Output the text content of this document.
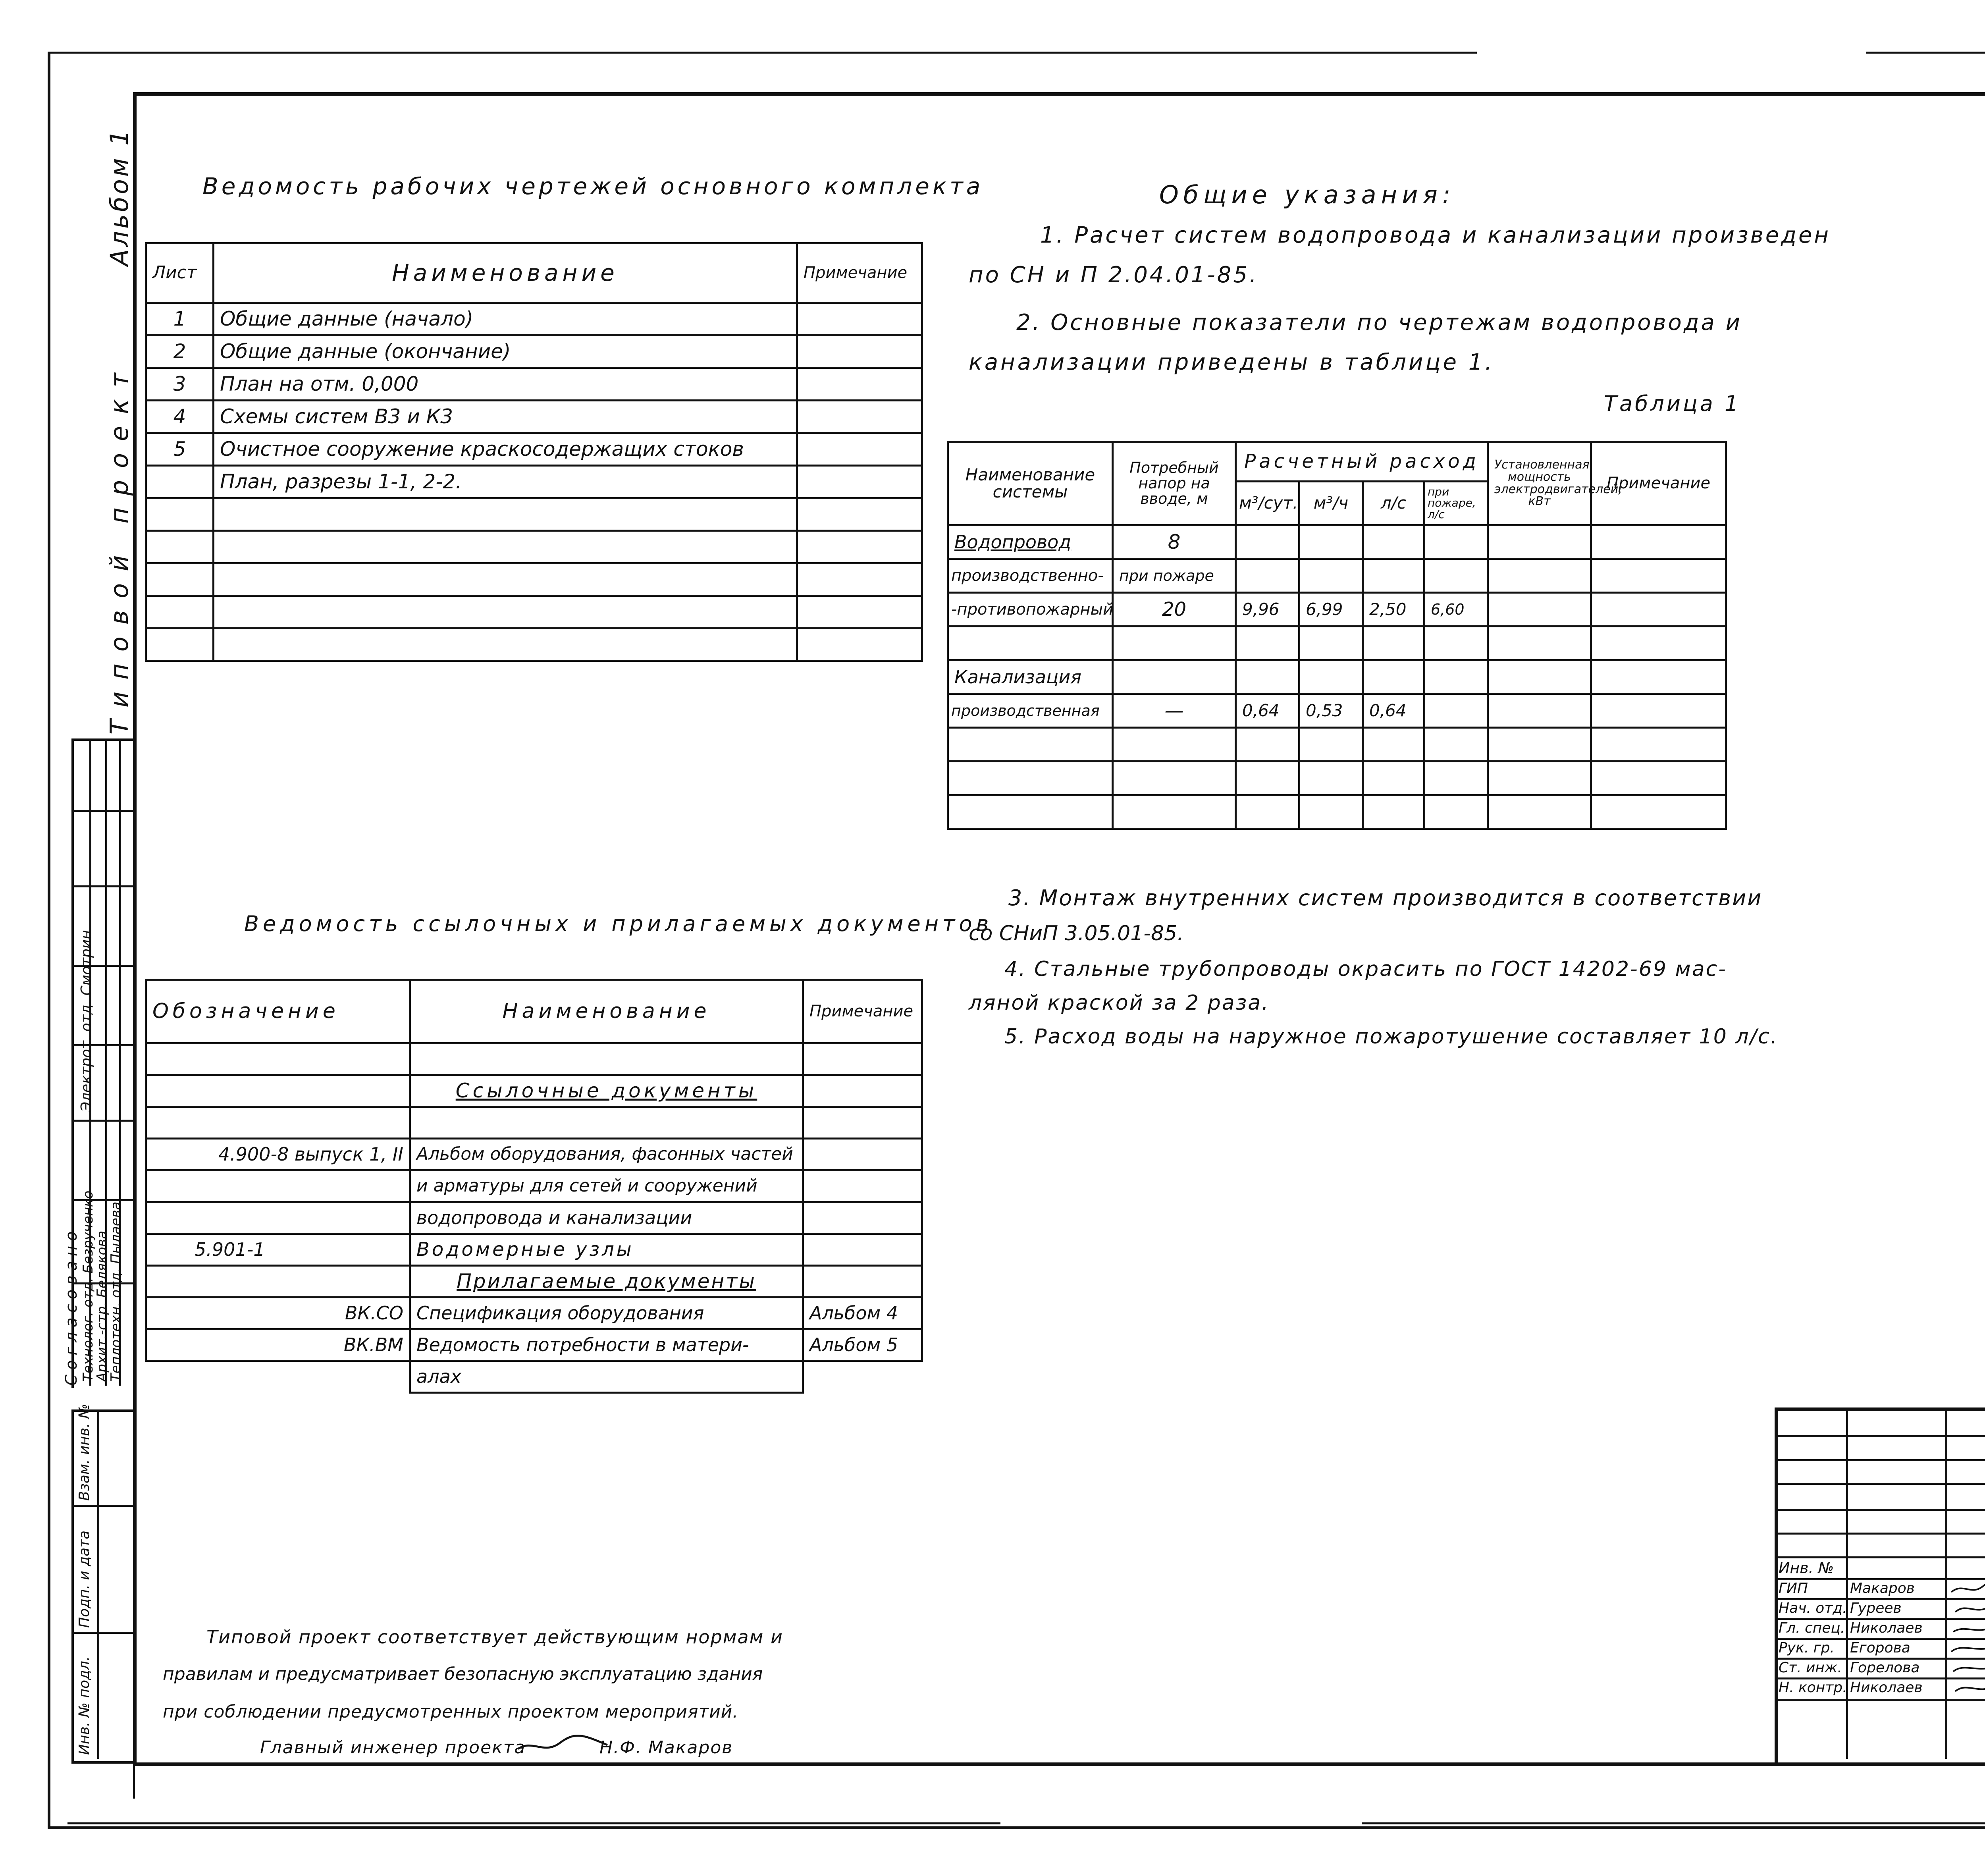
Альбом 1
Типовой проект
Согласовано
Электрот. отд. Смотрин
Технолог. отд. Безрученко
Архит.-стр. Белякова
Теплотехн. отд. Пылаева
Взам. инв. №
Подп. и дата
Инв. № подл.
Ведомость рабочих чертежей основного комплекта
Лист	Наименование	Примечание
1	Общие данные (начало)	
2	Общие данные (окончание)	
3	План на отм. 0,000	
4	Схемы систем В3 и К3	
5	Очистное сооружение краскосодержащих стоков	
	План, разрезы 1-1, 2-2.	

Ведомость ссылочных и прилагаемых документов
Обозначение	Наименование	Примечание

	Ссылочные документы	

4.900-8 выпуск 1, II	Альбом оборудования, фасонных частей	
	и арматуры для сетей и сооружений	
	водопровода и канализации	
5.901-1	Водомерные узлы	
	Прилагаемые документы	
ВК.СО	Спецификация оборудования	Альбом 4
ВК.ВМ	Ведомость потребности в матери-	Альбом 5
	алах	
Общие указания:
1. Расчет систем водопровода и канализации произведен
по СН и П 2.04.01-85.
2. Основные показатели по чертежам водопровода и
канализации приведены в таблице 1.
Таблица 1
Наименование системы	Потребный напор на вводе, м	Расчетный расход				Установленная мощность электродвигателей, кВт	Примечание
		м³/сут.	м³/ч	л/с	при пожаре, л/с		
Водопровод	8						
производственно-	при пожаре						
-противопожарный	20	9,96	6,99	2,50	6,60		

Канализация							
производственная	—	0,64	0,53	0,64			

3. Монтаж внутренних систем производится в соответствии
со СНиП 3.05.01-85.
4. Стальные трубопроводы окрасить по ГОСТ 14202-69 мас-
ляной краской за 2 раза.
5. Расход воды на наружное пожаротушение составляет 10 л/с.
Типовой проект соответствует действующим нормам и
правилам и предусматривает безопасную эксплуатацию здания
при соблюдении предусмотренных проектом мероприятий.
Главный инженер проекта	Н.Ф. Макаров
Инв. №
ГИП	Макаров
Нач. отд. Гуреев
Гл. спец. Николаев
Рук. гр. Егорова
Ст. инж. Горелова
Н. контр. Николаев
